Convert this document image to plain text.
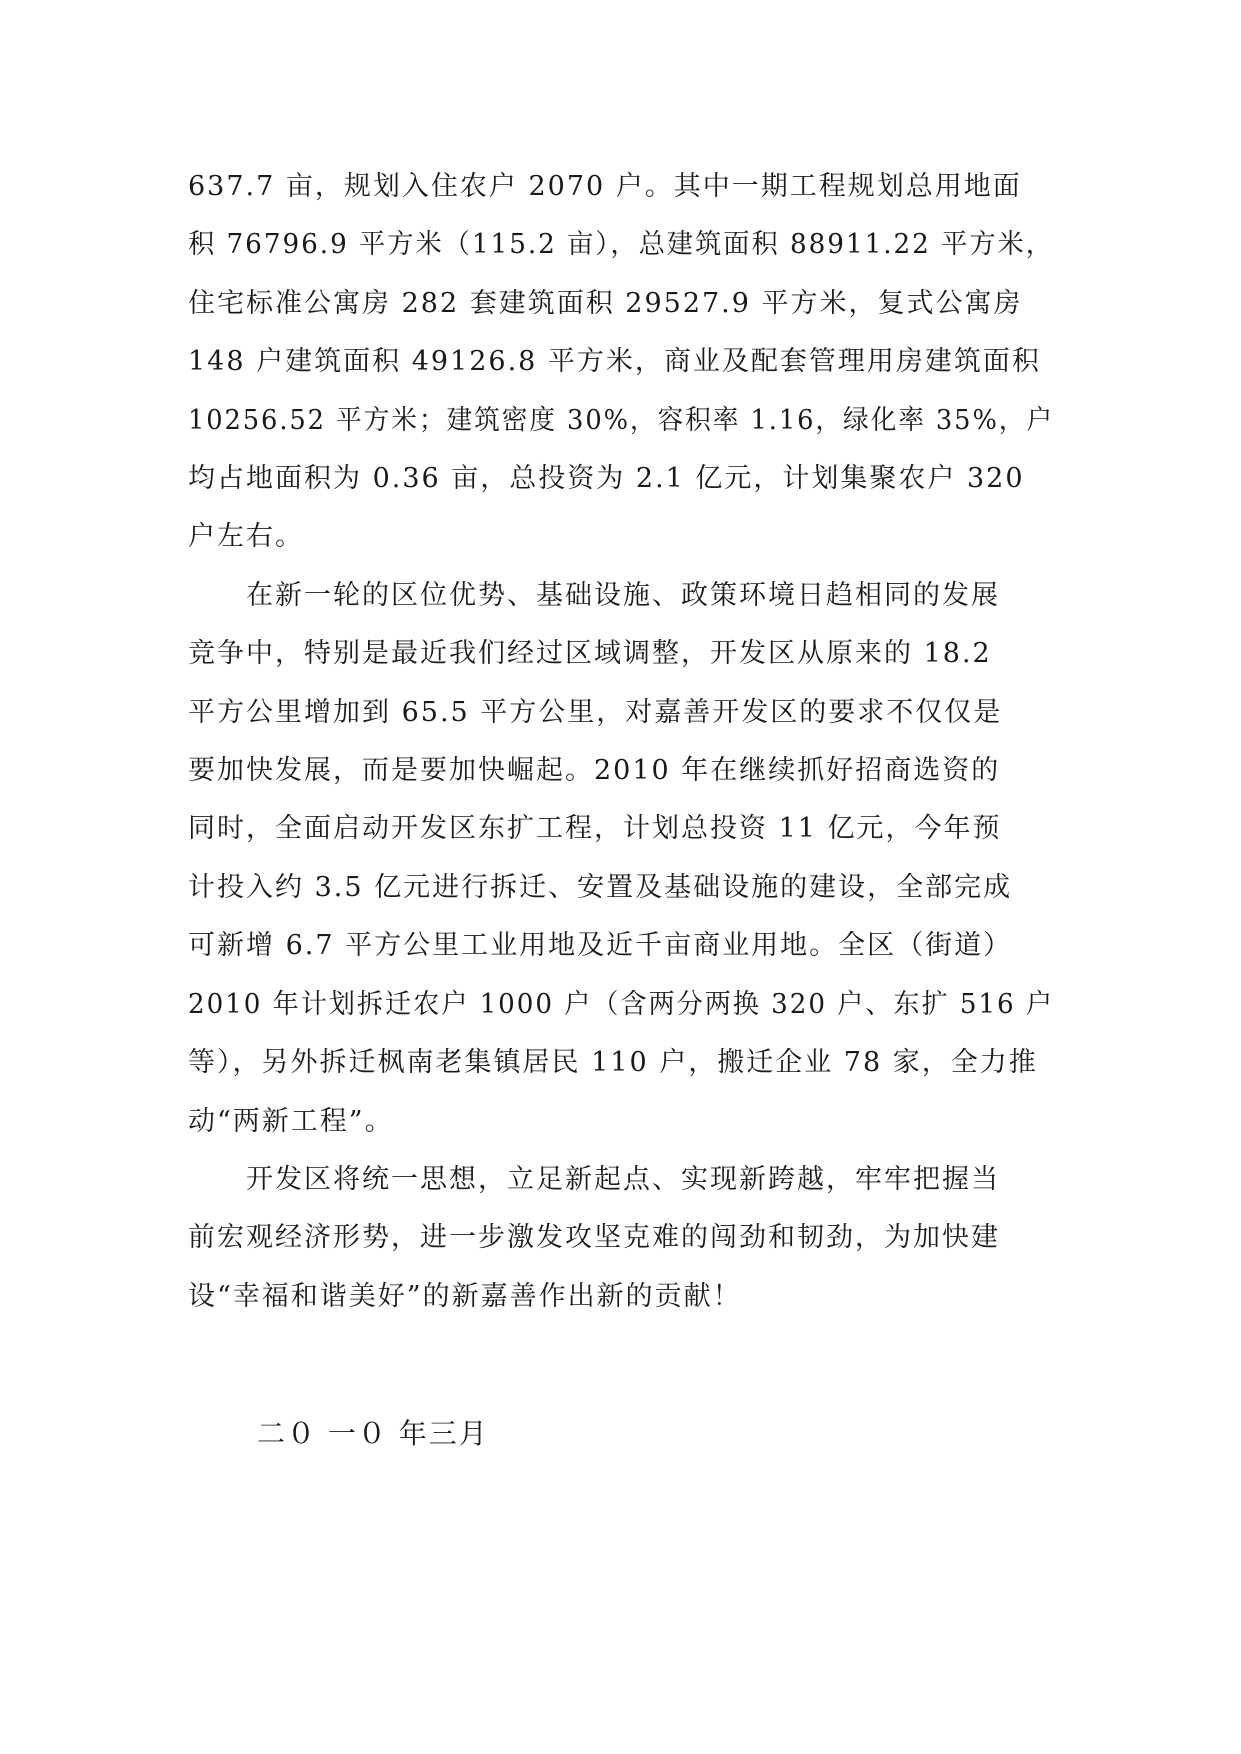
637.7 亩，规划入住农户 2070 户。其中一期工程规划总用地面
积 76796.9 平方米（115.2 亩），总建筑面积 88911.22 平方米，
住宅标准公寓房 282 套建筑面积 29527.9 平方米，复式公寓房
148 户建筑面积 49126.8 平方米，商业及配套管理用房建筑面积
10256.52 平方米；建筑密度 30%，容积率 1.16，绿化率 35%，户
均占地面积为 0.36 亩，总投资为 2.1 亿元，计划集聚农户 320
户左右。
在新一轮的区位优势、基础设施、政策环境日趋相同的发展
竞争中，特别是最近我们经过区域调整，开发区从原来的 18.2
平方公里增加到 65.5 平方公里，对嘉善开发区的要求不仅仅是
要加快发展，而是要加快崛起。2010 年在继续抓好招商选资的
同时，全面启动开发区东扩工程，计划总投资 11 亿元，今年预
计投入约 3.5 亿元进行拆迁、安置及基础设施的建设，全部完成
可新增 6.7 平方公里工业用地及近千亩商业用地。全区（街道）
2010 年计划拆迁农户 1000 户（含两分两换 320 户、东扩 516 户
等），另外拆迁枫南老集镇居民 110 户，搬迁企业 78 家，全力推
动“两新工程”。
开发区将统一思想，立足新起点、实现新跨越，牢牢把握当
前宏观经济形势，进一步激发攻坚克难的闯劲和韧劲，为加快建
设“幸福和谐美好”的新嘉善作出新的贡献！
二０ 一０ 年三月
